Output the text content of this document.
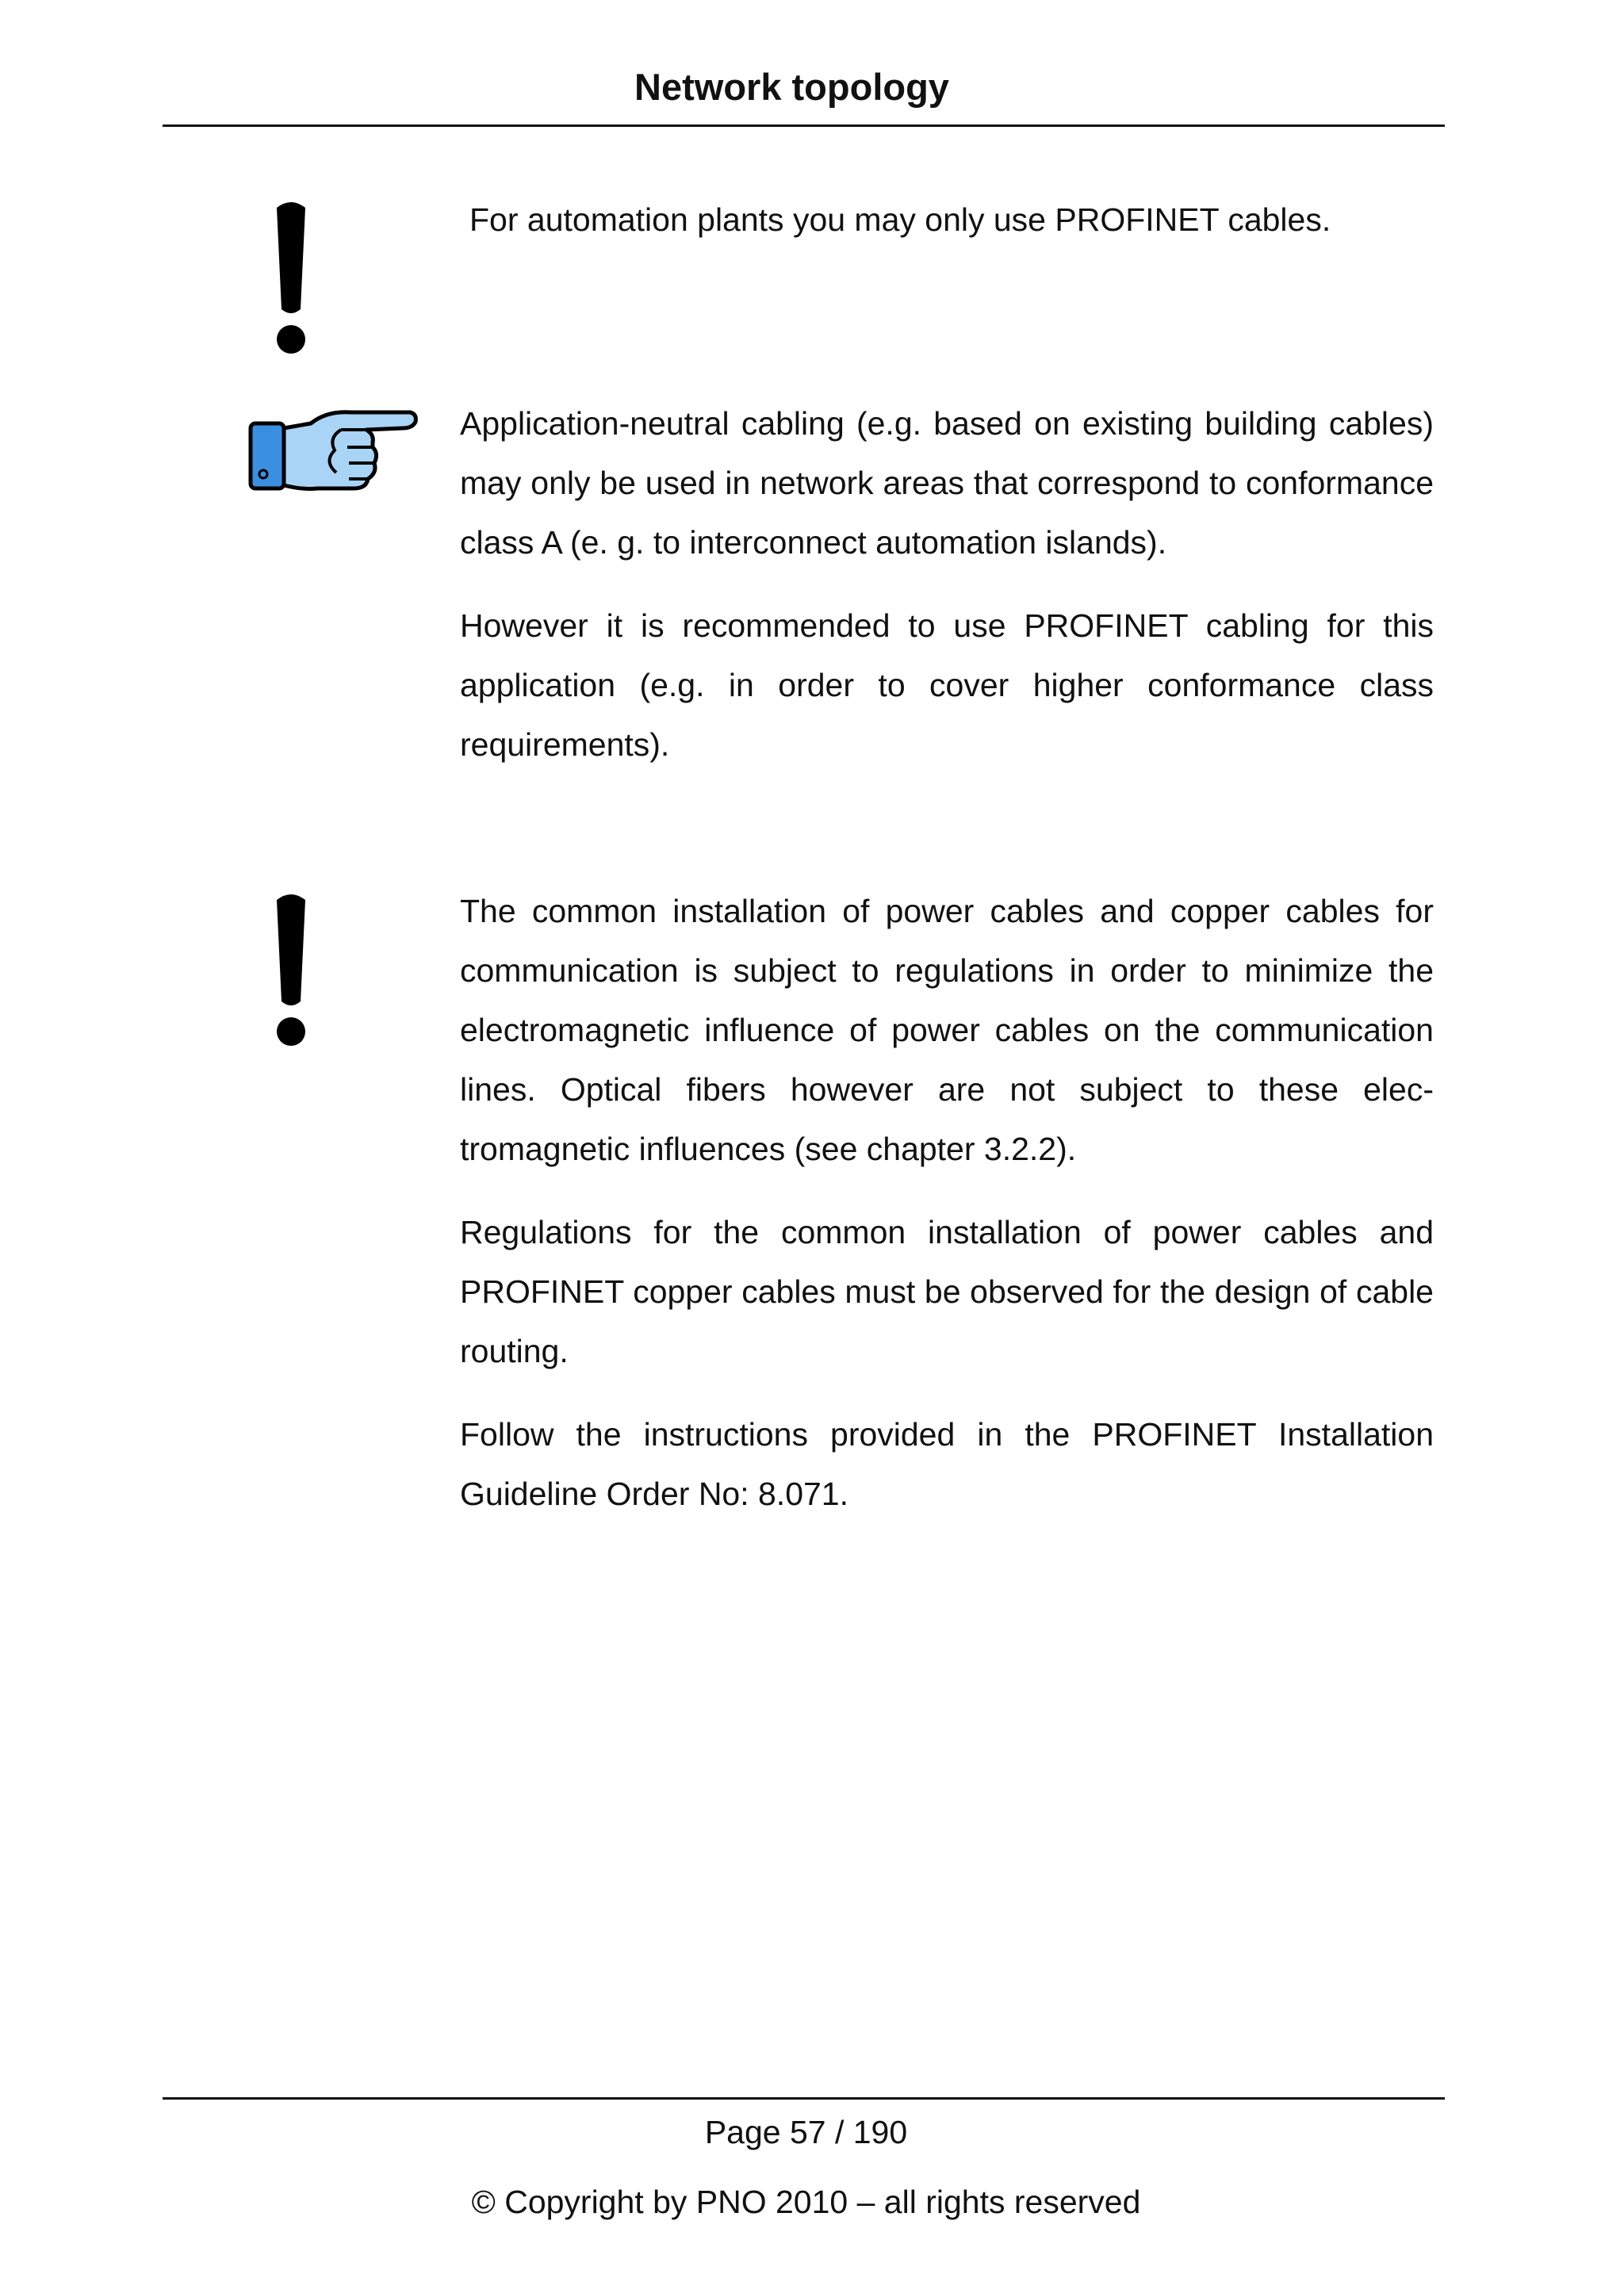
Network topology
For automation plants you may only use PROFINET cables.

Application-neutral cabling (e.g. based on existing building cables) may only be used in network areas that correspond to conformance class A (e. g. to interconnect automation islands).

However it is recommended to use PROFINET cabling for this application (e.g. in order to cover higher conformance class requirements).

The common installation of power cables and copper cables for communication is subject to regulations in order to minimize the electromagnetic influence of power cables on the communication lines. Optical fibers however are not subject to these electromagnetic influences (see chapter 3.2.2).

Regulations for the common installation of power cables and PROFINET copper cables must be observed for the design of cable routing.

Follow the instructions provided in the PROFINET Installation Guideline Order No: 8.071.

Page 57 / 190
© Copyright by PNO 2010 – all rights reserved
